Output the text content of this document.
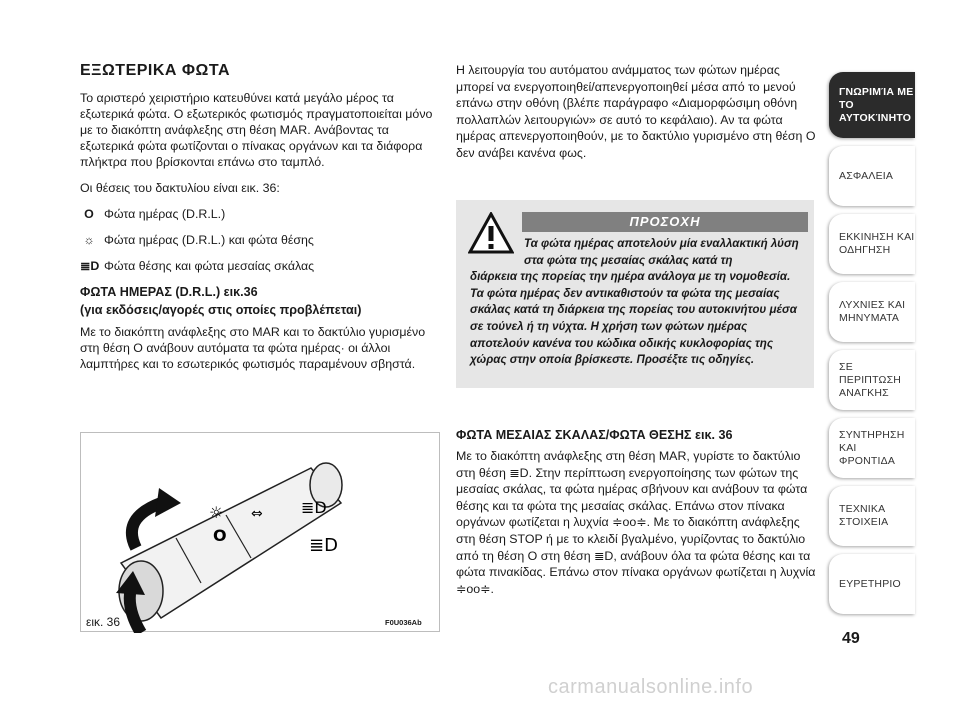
ΕΞΩΤΕΡΙΚΑ ΦΩΤΑ
Το αριστερό χειριστήριο κατευθύνει κατά μεγάλο μέρος τα εξωτερικά φώτα. Ο εξωτερικός φωτισμός πραγματοποιείται μόνο με το διακόπτη ανάφλεξης στη θέση MAR. Ανάβοντας τα εξωτερικά φώτα φωτίζονται ο πίνακας οργάνων και τα διάφορα πλήκτρα που βρίσκονται επάνω στο ταμπλό.
Οι θέσεις του δακτυλίου είναι εικ. 36:
O Φώτα ημέρας (D.R.L.)
☼ Φώτα ημέρας (D.R.L.) και φώτα θέσης
≣D Φώτα θέσης και φώτα μεσαίας σκάλας
ΦΩΤΑ ΗΜΕΡΑΣ (D.R.L.) εικ.36
(για εκδόσεις/αγορές στις οποίες προβλέπεται)
Με το διακόπτη ανάφλεξης στο MAR και το δακτύλιο γυρισμένο στη θέση O ανάβουν αυτόματα τα φώτα ημέρας· οι άλλοι λαμπτήρες και το εσωτερικός φωτισμός παραμένουν σβηστά.
☼
O
⇔ ≣D
≣D
εικ. 36	F0U036Ab
Η λειτουργία του αυτόματου ανάμματος των φώτων ημέρας μπορεί να ενεργοποιηθεί/απενεργοποιηθεί μέσα από το μενού επάνω στην οθόνη (βλέπε παράγραφο «Διαμορφώσιμη οθόνη πολλαπλών λειτουργιών» σε αυτό το κεφάλαιο). Αν τα φώτα ημέρας απενεργοποιηθούν, με το δακτύλιο γυρισμένο στη θέση O δεν ανάβει κανένα φως.
ΠΡΟΣΟΧΗ
Τα φώτα ημέρας αποτελούν μία εναλλακτική λύση στα φώτα της μεσαίας σκάλας κατά τη
διάρκεια της πορείας την ημέρα ανάλογα με τη νομοθεσία. Τα φώτα ημέρας δεν αντικαθιστούν τα φώτα της μεσαίας σκάλας κατά τη διάρκεια της πορείας του αυτοκινήτου μέσα σε τούνελ ή τη νύχτα. Η χρήση των φώτων ημέρας αποτελούν κανένα του κώδικα οδικής κυκλοφορίας της χώρας στην οποία βρίσκεστε. Προσέξτε τις οδηγίες.
ΦΩΤΑ ΜΕΣΑΙΑΣ ΣΚΑΛΑΣ/ΦΩΤΑ ΘΕΣΗΣ εικ. 36
Με το διακόπτη ανάφλεξης στη θέση MAR, γυρίστε το δακτύλιο στη θέση ≣D. Στην περίπτωση ενεργοποίησης των φώτων της μεσαίας σκάλας, τα φώτα ημέρας σβήνουν και ανάβουν τα φώτα θέσης και τα φώτα της μεσαίας σκάλας. Επάνω στον πίνακα οργάνων φωτίζεται η λυχνία ≑oo≑. Με το διακόπτη ανάφλεξης στη θέση STOP ή με το κλειδί βγαλμένο, γυρίζοντας το δακτύλιο από τη θέση O στη θέση ≣D, ανάβουν όλα τα φώτα θέσης και τα φώτα πινακίδας. Επάνω στον πίνακα οργάνων φωτίζεται η λυχνία ≑oo≑.
ΓΝΩΡΙΜΊΑ ΜΕ ΤΟ ΑΥΤΟΚΊΝΗΤΟ
ΑΣΦΑΛΕΙΑ
ΕΚΚΙΝΗΣΗ ΚΑΙ ΟΔΗΓΗΣΗ
ΛΥΧΝΙΕΣ ΚΑΙ ΜΗΝΥΜΑΤΑ
ΣΕ ΠΕΡΙΠΤΩΣΗ ΑΝΑΓΚΗΣ
ΣΥΝΤΗΡΗΣΗ ΚΑΙ ΦΡΟΝΤΙΔΑ
ΤΕΧΝΙΚΑ ΣΤΟΙΧΕΙΑ
ΕΥΡΕΤΗΡΙΟ
49
carmanualsonline.info
